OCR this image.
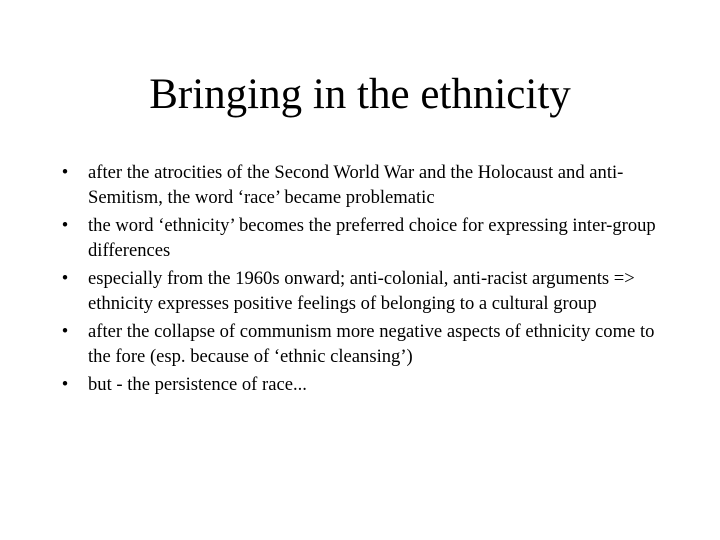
Bringing in the ethnicity
• after the atrocities of the Second World War and the Holocaust and anti-Semitism, the word ‘race’ became problematic
• the word ‘ethnicity’ becomes the preferred choice for expressing inter-group differences
• especially from the 1960s onward; anti-colonial, anti-racist arguments => ethnicity expresses positive feelings of belonging to a cultural group
• after the collapse of communism more negative aspects of ethnicity come to the fore (esp. because of ‘ethnic cleansing’)
• but - the persistence of race...
